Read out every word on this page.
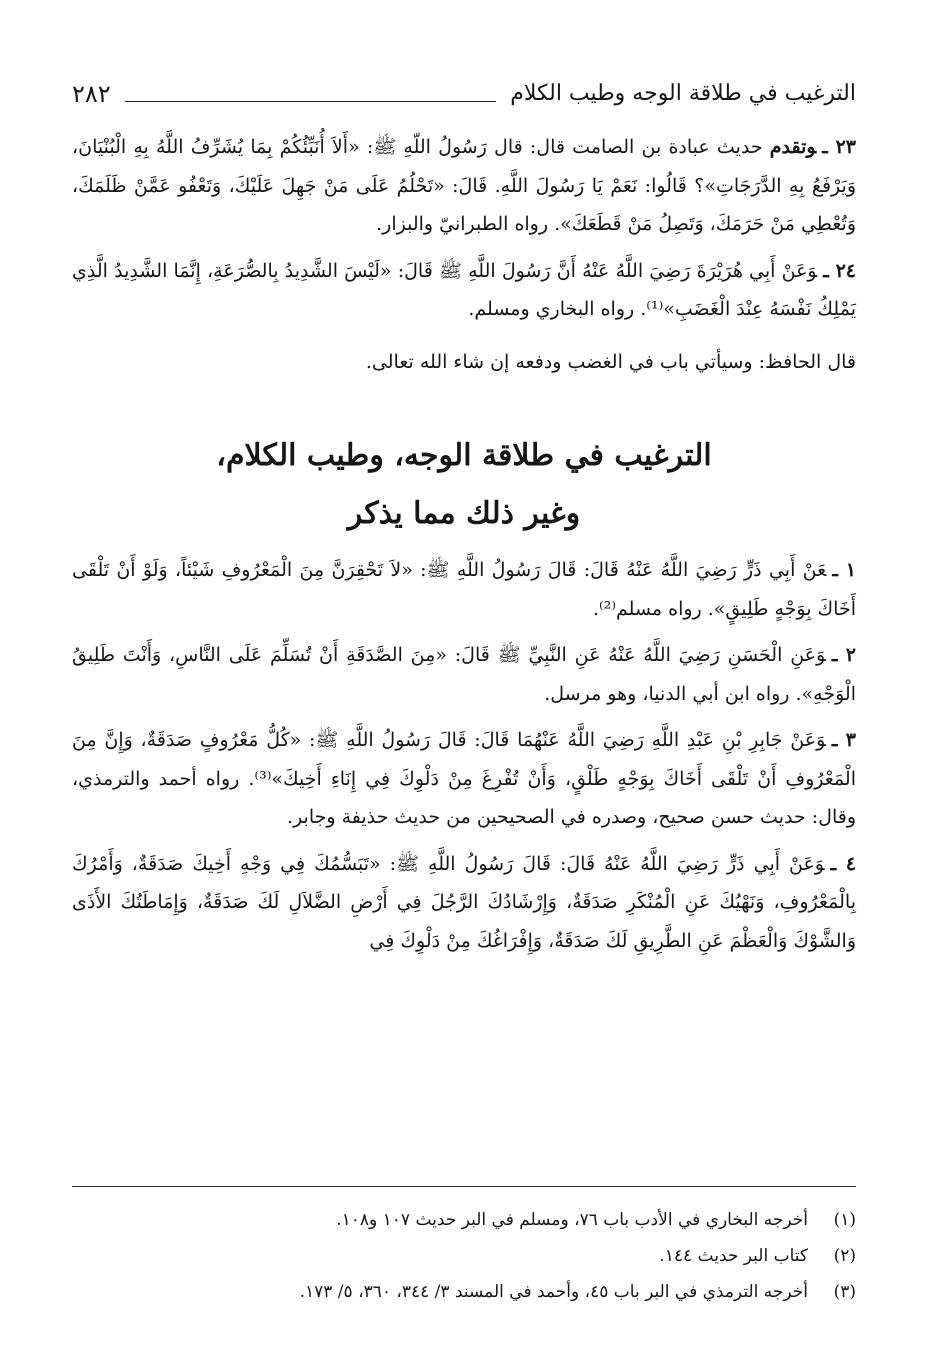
الترغيب في طلاقة الوجه وطيب الكلام
٢٨٢

٢٣ ـوتقدم حديث عبادة بن الصامت قال: قال رَسُولُ اللّهِ ﷺ: «أَلاَ أُنَبِّئُكُمْ بِمَا يُشَرِّفُ اللَّهُ بِهِ الْبُنْيَانَ، وَيَرْفَعُ بِهِ الدَّرَجَاتِ»؟ قَالُوا: نَعَمْ يَا رَسُولَ اللَّهِ. قَالَ: «تَحْلُمُ عَلَى مَنْ جَهِلَ عَلَيْكَ، وَتَعْفُو عَمَّنْ ظَلَمَكَ، وَتُعْطِي مَنْ حَرَمَكَ، وَتَصِلُ مَنْ قَطَعَكَ». رواه الطبرانيّ والبزار.

٢٤ ـوَعَنْ أَبِي هُرَيْرَةَ رَضِيَ اللَّهُ عَنْهُ أَنَّ رَسُولَ اللَّهِ ﷺ قَالَ: «لَيْسَ الشَّدِيدُ بِالصُّرَعَةِ، إِنَّمَا الشَّدِيدُ الَّذِي يَمْلِكُ نَفْسَهُ عِنْدَ الْغَضَبِ»⁽¹⁾. رواه البخاري ومسلم.

قال الحافظ: وسيأتي باب في الغضب ودفعه إن شاء الله تعالى.

الترغيب في طلاقة الوجه، وطيب الكلام،
وغير ذلك مما يذكر

١ ـعَنْ أَبِي ذَرٍّ رَضِيَ اللَّهُ عَنْهُ قَالَ: قَالَ رَسُولُ اللَّهِ ﷺ: «لاَ تَحْقِرَنَّ مِنَ الْمَعْرُوفِ شَيْئاً، وَلَوْ أَنْ تَلْقَى أَخَاكَ بِوَجْهٍ طَلِيقٍ». رواه مسلم⁽²⁾.

٢ ـوَعَنِ الْحَسَنِ رَضِيَ اللَّهُ عَنْهُ عَنِ النَّبِيِّ ﷺ قَالَ: «مِنَ الصَّدَقَةِ أَنْ تُسَلِّمَ عَلَى النَّاسِ، وَأَنْتَ طَلِيقُ الْوَجْهِ». رواه ابن أبي الدنيا، وهو مرسل.

٣ ـوَعَنْ جَابِرِ بْنِ عَبْدِ اللَّهِ رَضِيَ اللَّهُ عَنْهُمَا قَالَ: قَالَ رَسُولُ اللَّهِ ﷺ: «كُلُّ مَعْرُوفٍ صَدَقَةٌ، وَإِنَّ مِنَ الْمَعْرُوفِ أَنْ تَلْقَى أَخَاكَ بِوَجْهٍ طَلْقٍ، وَأَنْ تُفْرِغَ مِنْ دَلْوِكَ فِي إِنَاءِ أَخِيكَ»⁽³⁾. رواه أحمد والترمذي، وقال: حديث حسن صحيح، وصدره في الصحيحين من حديث حذيفة وجابر.

٤ ـوَعَنْ أَبِي ذَرٍّ رَضِيَ اللَّهُ عَنْهُ قَالَ: قَالَ رَسُولُ اللَّهِ ﷺ: «تَبَسُّمُكَ فِي وَجْهِ أَخِيكَ صَدَقَةٌ، وَأَمْرُكَ بِالْمَعْرُوفِ، وَنَهْيُكَ عَنِ الْمُنْكَرِ صَدَقَةٌ، وَإِرْشَادُكَ الرَّجُلَ فِي أَرْضِ الضَّلاَلِ لَكَ صَدَقَةٌ، وَإِمَاطَتُكَ الأَذَى وَالشَّوْكَ وَالْعَظْمَ عَنِ الطَّرِيقِ لَكَ صَدَقَةٌ، وَإِفْرَاغُكَ مِنْ دَلْوِكَ فِي

(١)
أخرجه البخاري في الأدب باب ٧٦، ومسلم في البر حديث ١٠٧ و١٠٨.
(٢)
كتاب البر حديث ١٤٤.
(٣)
أخرجه الترمذي في البر باب ٤٥، وأحمد في المسند ٣/ ٣٤٤، ٣٦٠، ٥/ ١٧٣.
